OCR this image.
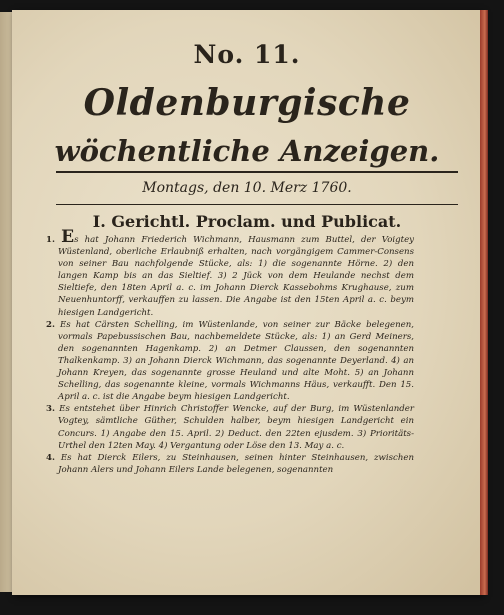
No. 11.
Oldenburgische
wöchentliche Anzeigen.
Montags, den 10. Merz 1760.
I. Gerichtl. Proclam. und Publicat.

1. Es hat Johann Friederich Wichmann, Hausmann zum Buttel, der Voigtey Wüstenland, oberliche Erlaubniß erhalten, nach vorgängigem Cammer-Consens von seiner Bau nachfolgende Stücke, als: 1) die sogenannte Hörne. 2) den langen Kamp bis an das Sieltief. 3) 2 Jück von dem Heulande nechst dem Sieltiefe, den 18ten April a. c. im Johann Dierck Kassebohms Krughause, zum Neuenhuntorff, verkauffen zu lassen. Die Angabe ist den 15ten April a. c. beym hiesigen Landgericht.

2. Es hat Cärsten Schelling, im Wüstenlande, von seiner zur Bäcke belegenen, vormals Papebussischen Bau, nachbemeldete Stücke, als: 1) an Gerd Meiners, den sogenannten Hagenkamp. 2) an Detmer Claussen, den sogenannten Thalkenkamp. 3) an Johann Dierck Wichmann, das sogenannte Deyerland. 4) an Johann Kreyen, das sogenannte grosse Heuland und alte Moht. 5) an Johann Schelling, das sogenannte kleine, vormals Wichmanns Häus, verkaufft. Den 15. April a. c. ist die Angabe beym hiesigen Landgericht.

3. Es entstehet über Hinrich Christoffer Wencke, auf der Burg, im Wüstenlander Vogtey, sämtliche Güther, Schulden halber, beym hiesigen Landgericht ein Concurs. 1) Angabe den 15. April. 2) Deduct. den 22ten ejusdem. 3) Prioritäts-Urthel den 12ten May. 4) Vergantung oder Löse den 13. May a. c.

4. Es hat Dierck Eilers, zu Steinhausen, seinen hinter Steinhausen, zwischen Johann Alers und Johann Eilers Lande belegenen, sogenannten
